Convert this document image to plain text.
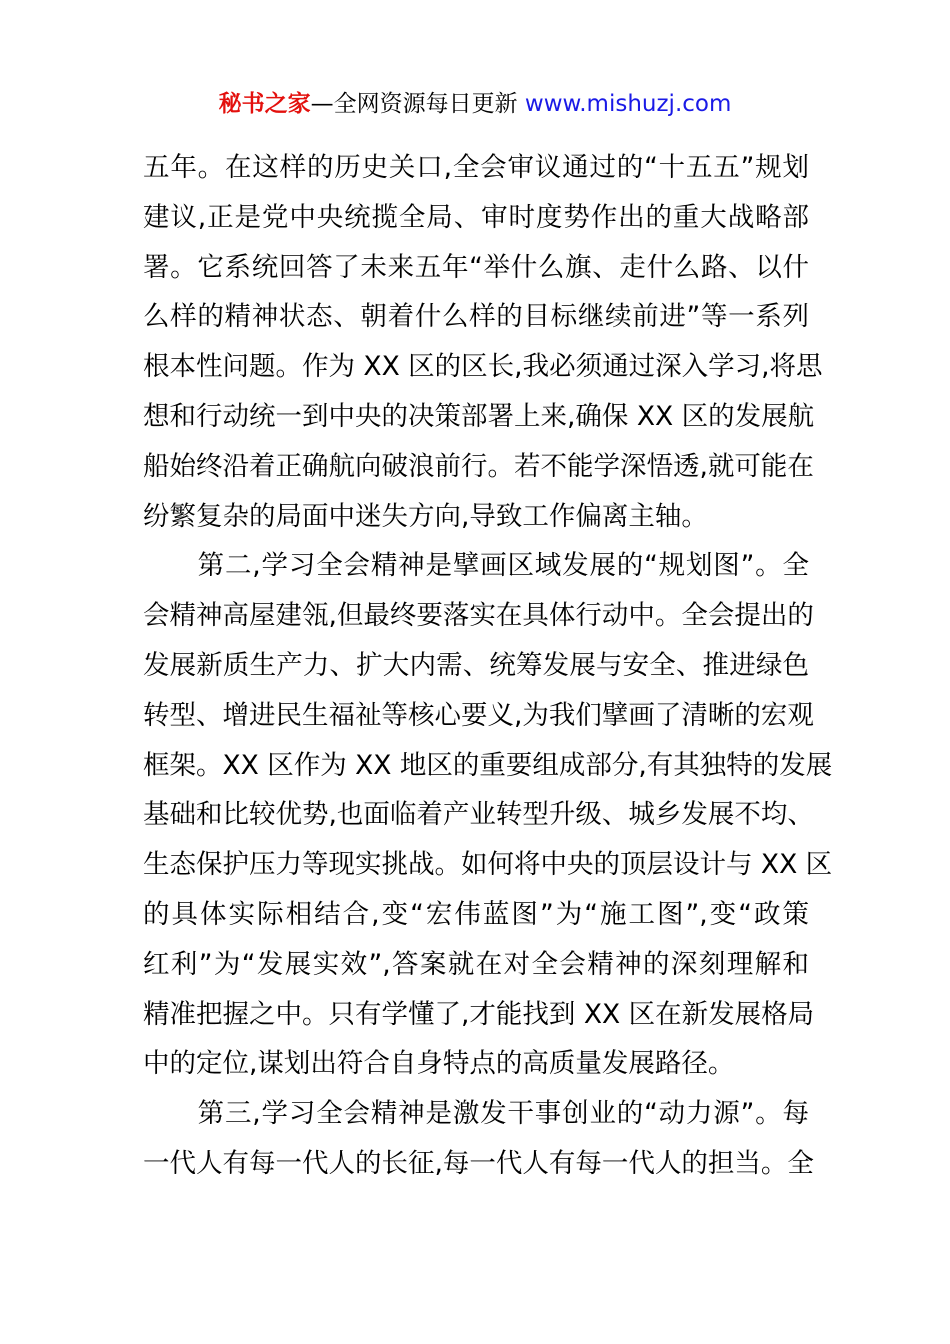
秘书之家—全网资源每日更新 www.mishuzj.com
五年。在这样的历史关口,全会审议通过的“十五五”规划
建议,正是党中央统揽全局、审时度势作出的重大战略部
署。它系统回答了未来五年“举什么旗、走什么路、以什
么样的精神状态、朝着什么样的目标继续前进”等一系列
根本性问题。作为 XX 区的区长,我必须通过深入学习,将思
想和行动统一到中央的决策部署上来,确保 XX 区的发展航
船始终沿着正确航向破浪前行。若不能学深悟透,就可能在
纷繁复杂的局面中迷失方向,导致工作偏离主轴。
　　第二,学习全会精神是擘画区域发展的“规划图”。全
会精神高屋建瓴,但最终要落实在具体行动中。全会提出的
发展新质生产力、扩大内需、统筹发展与安全、推进绿色
转型、增进民生福祉等核心要义,为我们擘画了清晰的宏观
框架。XX 区作为 XX 地区的重要组成部分,有其独特的发展
基础和比较优势,也面临着产业转型升级、城乡发展不均、
生态保护压力等现实挑战。如何将中央的顶层设计与 XX 区
的具体实际相结合,变“宏伟蓝图”为“施工图”,变“政策
红利”为“发展实效”,答案就在对全会精神的深刻理解和
精准把握之中。只有学懂了,才能找到 XX 区在新发展格局
中的定位,谋划出符合自身特点的高质量发展路径。
　　第三,学习全会精神是激发干事创业的“动力源”。每
一代人有每一代人的长征,每一代人有每一代人的担当。全
